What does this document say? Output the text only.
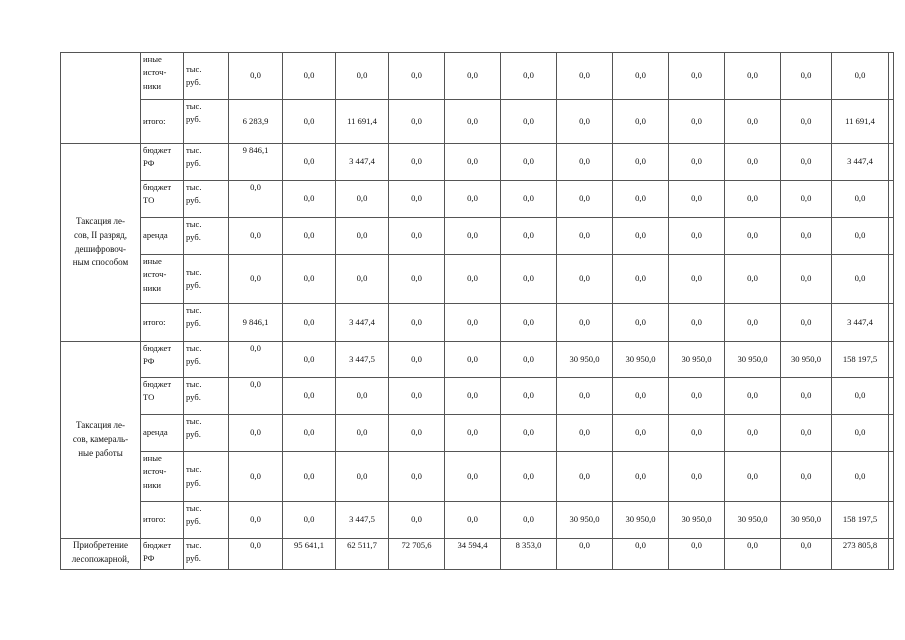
	иные
источ-
ники	тыс.
руб.	0,0	0,0	0,0	0,0	0,0	0,0	0,0	0,0	0,0	0,0	0,0	0,0	

	итого:	тыс.
руб.	6 283,9	0,0	11 691,4	0,0	0,0	0,0	0,0	0,0	0,0	0,0	0,0	11 691,4	

Таксация ле-
сов, II разряд,
дешифровоч-
ным способом	бюджет
РФ	тыс.
руб.	9 846,1	0,0	3 447,4	0,0	0,0	0,0	0,0	0,0	0,0	0,0	0,0	3 447,4	

	бюджет
ТО	тыс.
руб.	0,0	0,0	0,0	0,0	0,0	0,0	0,0	0,0	0,0	0,0	0,0	0,0	

	аренда	тыс.
руб.	0,0	0,0	0,0	0,0	0,0	0,0	0,0	0,0	0,0	0,0	0,0	0,0	

	иные
источ-
ники	тыс.
руб.	0,0	0,0	0,0	0,0	0,0	0,0	0,0	0,0	0,0	0,0	0,0	0,0	

	итого:	тыс.
руб.	9 846,1	0,0	3 447,4	0,0	0,0	0,0	0,0	0,0	0,0	0,0	0,0	3 447,4	

Таксация ле-
сов, камераль-
ные работы	бюджет
РФ	тыс.
руб.	0,0	0,0	3 447,5	0,0	0,0	0,0	30 950,0	30 950,0	30 950,0	30 950,0	30 950,0	158 197,5	

	бюджет
ТО	тыс.
руб.	0,0	0,0	0,0	0,0	0,0	0,0	0,0	0,0	0,0	0,0	0,0	0,0	

	аренда	тыс.
руб.	0,0	0,0	0,0	0,0	0,0	0,0	0,0	0,0	0,0	0,0	0,0	0,0	

	иные
источ-
ники	тыс.
руб.	0,0	0,0	0,0	0,0	0,0	0,0	0,0	0,0	0,0	0,0	0,0	0,0	

	итого:	тыс.
руб.	0,0	0,0	3 447,5	0,0	0,0	0,0	30 950,0	30 950,0	30 950,0	30 950,0	30 950,0	158 197,5	

Приобретение
лесопожарной,	бюджет
РФ	тыс.
руб.	0,0	95 641,1	62 511,7	72 705,6	34 594,4	8 353,0	0,0	0,0	0,0	0,0	0,0	273 805,8	
